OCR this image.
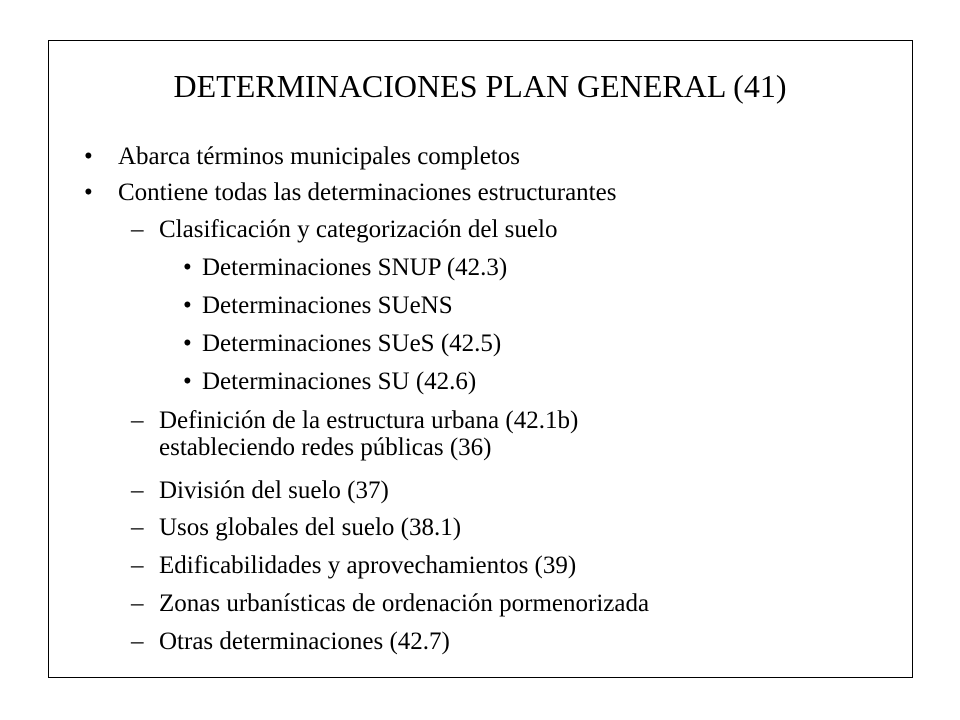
DETERMINACIONES PLAN GENERAL (41)
• Abarca términos municipales completos
• Contiene todas las determinaciones estructurantes
– Clasificación y categorización del suelo
• Determinaciones SNUP (42.3)
• Determinaciones SUeNS
• Determinaciones SUeS (42.5)
• Determinaciones SU (42.6)
– Definición de la estructura urbana (42.1b)
estableciendo redes públicas (36)
– División del suelo (37)
– Usos globales del suelo (38.1)
– Edificabilidades y aprovechamientos (39)
– Zonas urbanísticas de ordenación pormenorizada
– Otras determinaciones (42.7)
